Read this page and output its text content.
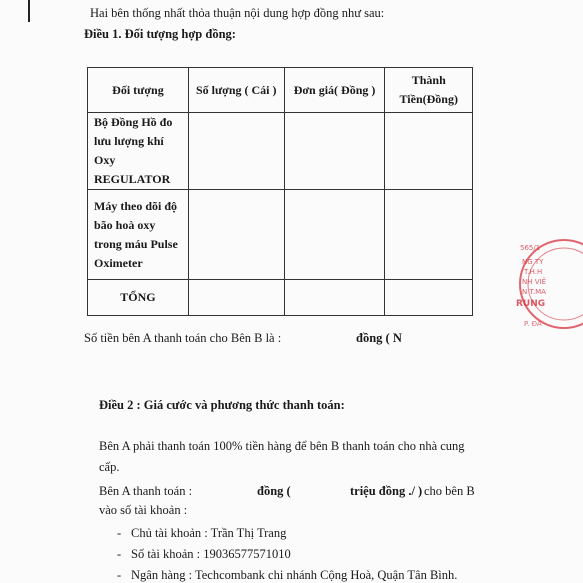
Hai bên thống nhất thỏa thuận nội dung hợp đồng như sau:
Điều 1. Đối tượng hợp đồng:
Đối tượng	Số lượng ( Cái )	Đơn giá( Đồng )	Thành
Tiền(Đồng)

Bộ Đồng Hồ đo
lưu lượng khí Oxy
REGULATOR			

Máy theo dõi độ
bão hoà oxy
trong máu Pulse
Oximeter			

TỔNG			
Số tiền bên A thanh toán cho Bên B là :	đồng ( N
Điều 2 : Giá cước và phương thức thanh toán:
Bên A phải thanh toán 100% tiền hàng để bên B thanh toán cho nhà cung
cấp.
Bên A thanh toán :	đồng (	triệu đồng ./ ) cho bên B
vào số tài khoản :
- Chủ tài khoản : Trần Thị Trang
- Số tài khoản : 19036577571010
- Ngân hàng : Techcombank chi nhánh Cộng Hoà, Quận Tân Bình.
565/1
NG TY
T.H.H
NH VIÊ
N T.MA
RUNG
P. ĐÀ
